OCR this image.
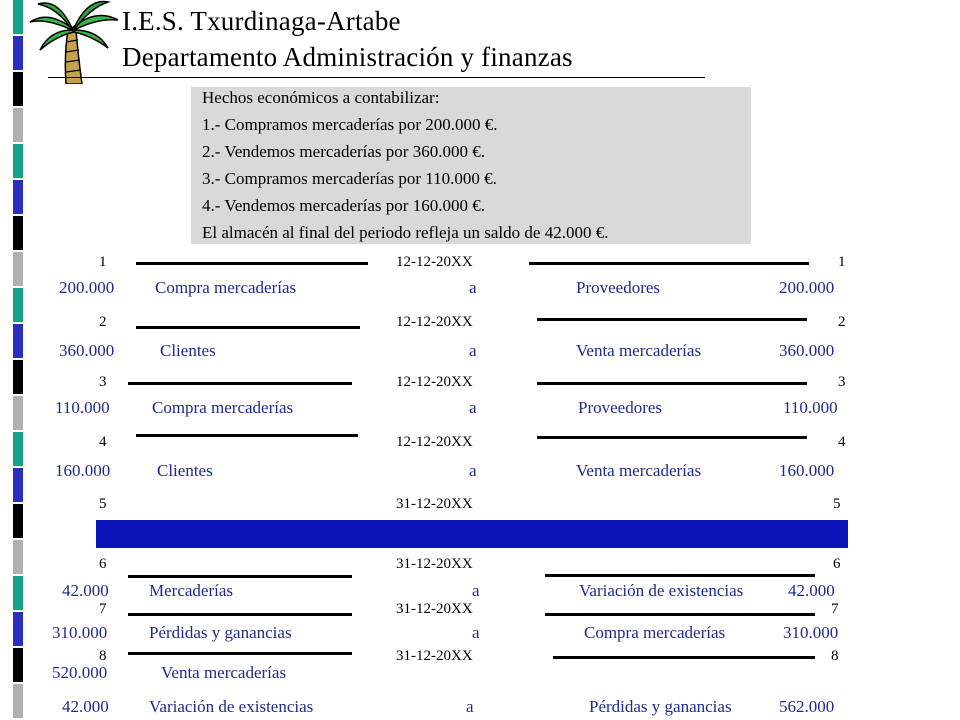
I.E.S. Txurdinaga-Artabe
Departamento Administración y finanzas
Hechos económicos a contabilizar:
1.- Compramos mercaderías por 200.000 €.
2.- Vendemos mercaderías por 360.000 €.
3.- Compramos mercaderías por 110.000 €.
4.- Vendemos mercaderías por 160.000 €.
El almacén al final del periodo refleja un saldo de 42.000 €.
1	12-12-20XX	1
200.000 Compra mercaderías	a	Proveedores	200.000
2	12-12-20XX	2
360.000	Clientes	a	Venta mercaderías	360.000
3	12-12-20XX	3
110.000 Compra mercaderías	a	Proveedores	110.000
4	12-12-20XX	4
160.000	Clientes	a	Venta mercaderías	160.000
5	31-12-20XX	5
6	31-12-20XX	6
42.000 Mercaderías	a	Variación de existencias	42.000
7	31-12-20XX	7
310.000 Pérdidas y ganancias	a	Compra mercaderías	310.000
8	31-12-20XX	8
520.000	Venta mercaderías
42.000 Variación de existencias	a	Pérdidas y ganancias	562.000
